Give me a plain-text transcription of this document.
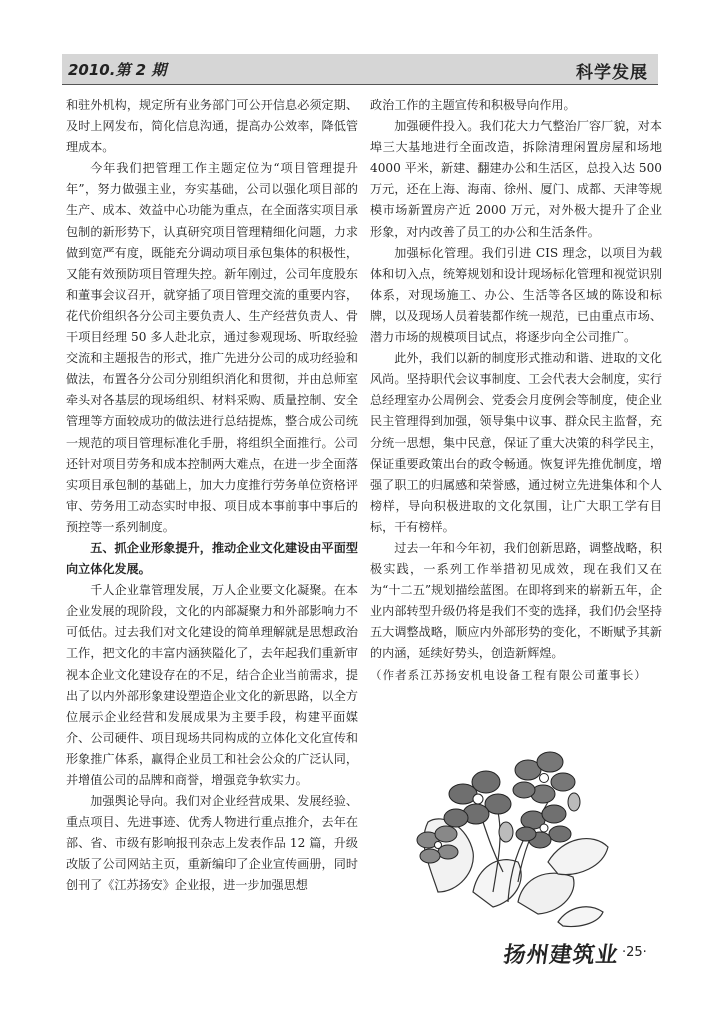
2010.第 2 期	科学发展

和驻外机构，规定所有业务部门可公开信息必须定期、及时上网发布，简化信息沟通，提高办公效率，降低管理成本。

今年我们把管理工作主题定位为“项目管理提升年”，努力做强主业，夯实基础，公司以强化项目部的生产、成本、效益中心功能为重点，在全面落实项目承包制的新形势下，认真研究项目管理精细化问题，力求做到宽严有度，既能充分调动项目承包集体的积极性，又能有效预防项目管理失控。新年刚过，公司年度股东和董事会议召开，就穿插了项目管理交流的重要内容，花代价组织各分公司主要负责人、生产经营负责人、骨干项目经理 50 多人赴北京，通过参观现场、听取经验交流和主题报告的形式，推广先进分公司的成功经验和做法，布置各分公司分别组织消化和贯彻，并由总师室牵头对各基层的现场组织、材料采购、质量控制、安全管理等方面较成功的做法进行总结提炼，整合成公司统一规范的项目管理标准化手册，将组织全面推行。公司还针对项目劳务和成本控制两大难点，在进一步全面落实项目承包制的基础上，加大力度推行劳务单位资格评审、劳务用工动态实时申报、项目成本事前事中事后的预控等一系列制度。

五、抓企业形象提升，推动企业文化建设由平面型向立体化发展。

千人企业靠管理发展，万人企业要文化凝聚。在本企业发展的现阶段，文化的内部凝聚力和外部影响力不可低估。过去我们对文化建设的简单理解就是思想政治工作，把文化的丰富内涵狭隘化了，去年起我们重新审视本企业文化建设存在的不足，结合企业当前需求，提出了以内外部形象建设塑造企业文化的新思路，以全方位展示企业经营和发展成果为主要手段，构建平面媒介、公司硬件、项目现场共同构成的立体化文化宣传和形象推广体系，赢得企业员工和社会公众的广泛认同，并增值公司的品牌和商誉，增强竞争软实力。

加强舆论导向。我们对企业经营成果、发展经验、重点项目、先进事迹、优秀人物进行重点推介，去年在部、省、市级有影响报刊杂志上发表作品 12 篇，升级改版了公司网站主页，重新编印了企业宣传画册，同时创刊了《江苏扬安》企业报，进一步加强思想

政治工作的主题宣传和积极导向作用。

加强硬件投入。我们花大力气整治厂容厂貌，对本埠三大基地进行全面改造，拆除清理闲置房屋和场地 4000 平米，新建、翻建办公和生活区，总投入达 500 万元，还在上海、海南、徐州、厦门、成都、天津等规模市场新置房产近 2000 万元，对外极大提升了企业形象，对内改善了员工的办公和生活条件。

加强标化管理。我们引进 CIS 理念，以项目为载体和切入点，统筹规划和设计现场标化管理和视觉识别体系，对现场施工、办公、生活等各区域的陈设和标牌，以及现场人员着装都作统一规范，已由重点市场、潜力市场的规模项目试点，将逐步向全公司推广。

此外，我们以新的制度形式推动和谐、进取的文化风尚。坚持职代会议事制度、工会代表大会制度，实行总经理室办公周例会、党委会月度例会等制度，使企业民主管理得到加强，领导集中议事、群众民主监督，充分统一思想，集中民意，保证了重大决策的科学民主，保证重要政策出台的政令畅通。恢复评先推优制度，增强了职工的归属感和荣誉感，通过树立先进集体和个人榜样，导向积极进取的文化氛围，让广大职工学有目标，干有榜样。

过去一年和今年初，我们创新思路，调整战略，积极实践，一系列工作举措初见成效，现在我们又在为“十二五”规划描绘蓝图。在即将到来的崭新五年，企业内部转型升级仍将是我们不变的选择，我们仍会坚持五大调整战略，顺应内外部形势的变化，不断赋予其新的内涵，延续好势头，创造新辉煌。

（作者系江苏扬安机电设备工程有限公司董事长）

扬州建筑业 ·25·
